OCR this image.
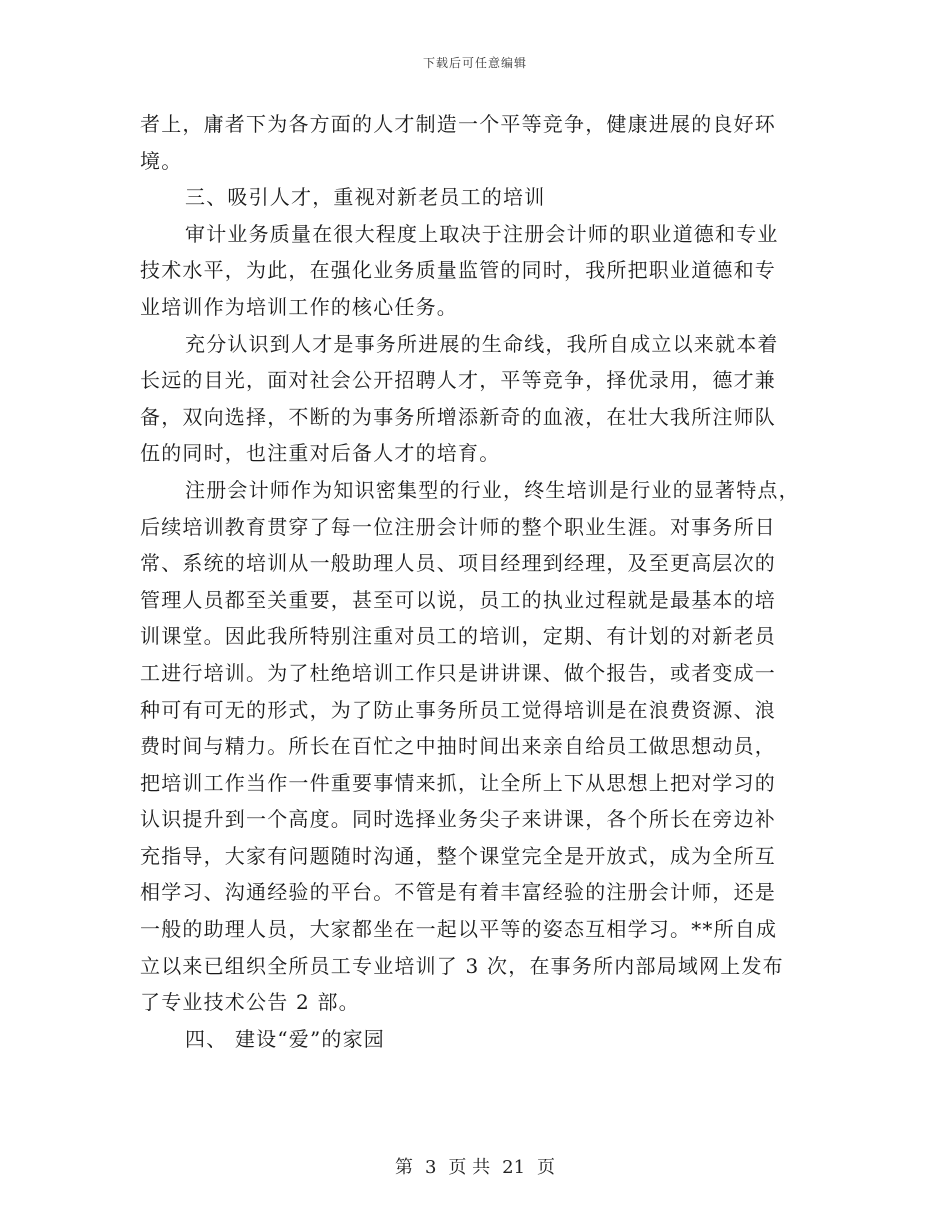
下载后可任意编辑
者上，庸者下为各方面的人才制造一个平等竞争，健康进展的良好环
境。
三、吸引人才，重视对新老员工的培训
审计业务质量在很大程度上取决于注册会计师的职业道德和专业
技术水平，为此，在强化业务质量监管的同时，我所把职业道德和专
业培训作为培训工作的核心任务。
充分认识到人才是事务所进展的生命线，我所自成立以来就本着
长远的目光，面对社会公开招聘人才，平等竞争，择优录用，德才兼
备，双向选择，不断的为事务所增添新奇的血液，在壮大我所注师队
伍的同时，也注重对后备人才的培育。
注册会计师作为知识密集型的行业，终生培训是行业的显著特点，
后续培训教育贯穿了每一位注册会计师的整个职业生涯。对事务所日
常、系统的培训从一般助理人员、项目经理到经理，及至更高层次的
管理人员都至关重要，甚至可以说，员工的执业过程就是最基本的培
训课堂。因此我所特别注重对员工的培训，定期、有计划的对新老员
工进行培训。为了杜绝培训工作只是讲讲课、做个报告，或者变成一
种可有可无的形式，为了防止事务所员工觉得培训是在浪费资源、浪
费时间与精力。所长在百忙之中抽时间出来亲自给员工做思想动员，
把培训工作当作一件重要事情来抓，让全所上下从思想上把对学习的
认识提升到一个高度。同时选择业务尖子来讲课，各个所长在旁边补
充指导，大家有问题随时沟通，整个课堂完全是开放式，成为全所互
相学习、沟通经验的平台。不管是有着丰富经验的注册会计师，还是
一般的助理人员，大家都坐在一起以平等的姿态互相学习。**所自成
立以来已组织全所员工专业培训了 3 次，在事务所内部局域网上发布
了专业技术公告 2 部。
四、 建设“爱”的家园
第 3 页 共 21 页
